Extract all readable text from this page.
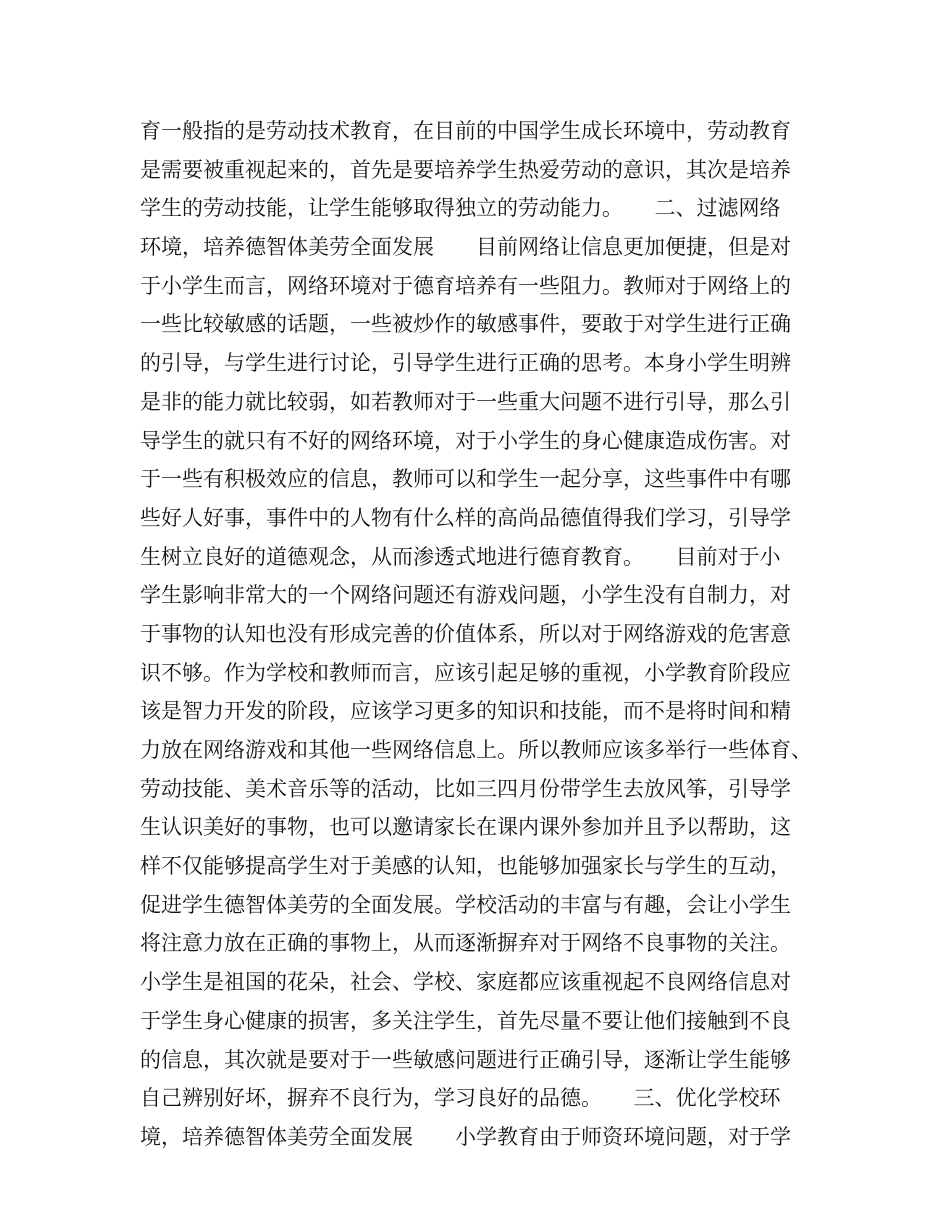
育一般指的是劳动技术教育，在目前的中国学生成长环境中，劳动教育
是需要被重视起来的，首先是要培养学生热爱劳动的意识，其次是培养
学生的劳动技能，让学生能够取得独立的劳动能力。　　二、过滤网络
环境，培养德智体美劳全面发展　　目前网络让信息更加便捷，但是对
于小学生而言，网络环境对于德育培养有一些阻力。教师对于网络上的
一些比较敏感的话题，一些被炒作的敏感事件，要敢于对学生进行正确
的引导，与学生进行讨论，引导学生进行正确的思考。本身小学生明辨
是非的能力就比较弱，如若教师对于一些重大问题不进行引导，那么引
导学生的就只有不好的网络环境，对于小学生的身心健康造成伤害。对
于一些有积极效应的信息，教师可以和学生一起分享，这些事件中有哪
些好人好事，事件中的人物有什么样的高尚品德值得我们学习，引导学
生树立良好的道德观念，从而渗透式地进行德育教育。　　目前对于小
学生影响非常大的一个网络问题还有游戏问题，小学生没有自制力，对
于事物的认知也没有形成完善的价值体系，所以对于网络游戏的危害意
识不够。作为学校和教师而言，应该引起足够的重视，小学教育阶段应
该是智力开发的阶段，应该学习更多的知识和技能，而不是将时间和精
力放在网络游戏和其他一些网络信息上。所以教师应该多举行一些体育、
劳动技能、美术音乐等的活动，比如三四月份带学生去放风筝，引导学
生认识美好的事物，也可以邀请家长在课内课外参加并且予以帮助，这
样不仅能够提高学生对于美感的认知，也能够加强家长与学生的互动，
促进学生德智体美劳的全面发展。学校活动的丰富与有趣，会让小学生
将注意力放在正确的事物上，从而逐渐摒弃对于网络不良事物的关注。
小学生是祖国的花朵，社会、学校、家庭都应该重视起不良网络信息对
于学生身心健康的损害，多关注学生，首先尽量不要让他们接触到不良
的信息，其次就是要对于一些敏感问题进行正确引导，逐渐让学生能够
自己辨别好坏，摒弃不良行为，学习良好的品德。　　三、优化学校环
境，培养德智体美劳全面发展　　小学教育由于师资环境问题，对于学
